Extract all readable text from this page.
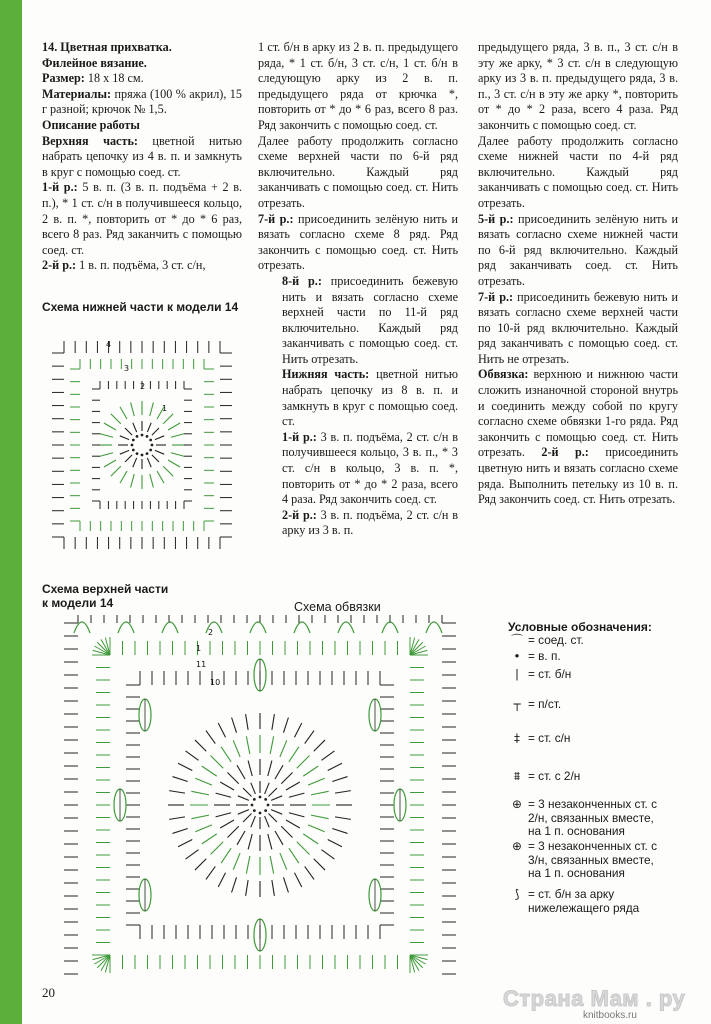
14. Цветная прихватка.

Филейное вязание.

Размер: 18 х 18 см.

Материалы: пряжа (100 % акрил), 15 г разной; крючок № 1,5.

Описание работы

Верхняя часть: цветной нитью набрать цепочку из 4 в. п. и замкнуть в круг с помощью соед. ст.

1-й р.: 5 в. п. (3 в. п. подъёма + 2 в. п.), * 1 ст. с/н в получившееся кольцо, 2 в. п. *, повторить от * до * 6 раз, всего 8 раз. Ряд заканчить с помощью соед. ст.

2-й р.: 1 в. п. подъёма, 3 ст. с/н,

1 ст. б/н в арку из 2 в. п. предыдущего ряда, * 1 ст. б/н, 3 ст. с/н, 1 ст. б/н в следующую арку из 2 в. п. предыдущего ряда от крючка *, повторить от * до * 6 раз, всего 8 раз. Ряд закончить с помощью соед. ст.

Далее работу продолжить согласно схеме верхней части по 6-й ряд включительно. Каждый ряд заканчивать с помощью соед. ст. Нить отрезать.

7-й р.: присоединить зелёную нить и вязать согласно схеме 8 ряд. Ряд закончить с помощью соед. ст. Нить отрезать.

8-й р.: присоединить бежевую нить и вязать согласно схеме верхней части по 11-й ряд включительно. Каждый ряд заканчивать с помощью соед. ст. Нить отрезать.

Нижняя часть: цветной нитью набрать цепочку из 8 в. п. и замкнуть в круг с помощью соед. ст.

1-й р.: 3 в. п. подъёма, 2 ст. с/н в получившееся кольцо, 3 в. п., * 3 ст. с/н в кольцо, 3 в. п. *, повторить от * до * 2 раза, всего 4 раза. Ряд закончить соед. ст.

2-й р.: 3 в. п. подъёма, 2 ст. с/н в арку из 3 в. п.

предыдущего ряда, 3 в. п., 3 ст. с/н в эту же арку, * 3 ст. с/н в следующую арку из 3 в. п. предыдущего ряда, 3 в. п., 3 ст. с/н в эту же арку *, повторить от * до * 2 раза, всего 4 раза. Ряд закончить с помощью соед. ст.

Далее работу продолжить согласно схеме нижней части по 4-й ряд включительно. Каждый ряд заканчивать с помощью соед. ст. Нить отрезать.

5-й р.: присоединить зелёную нить и вязать согласно схеме нижней части по 6-й ряд включительно. Каждый ряд заканчивать соед. ст. Нить отрезать.

7-й р.: присоединить бежевую нить и вязать согласно схеме верхней части по 10-й ряд включительно. Каждый ряд заканчивать с помощью соед. ст. Нить не отрезать.

Обвязка: верхнюю и нижнюю части сложить изнаночной стороной внутрь и соединить между собой по кругу согласно схеме обвязки 1-го ряда. Ряд закончить с помощью соед. ст. Нить отрезать. 2-й р.: присоединить цветную нить и вязать согласно схеме ряда. Выполнить петельку из 10 в. п. Ряд закончить соед. ст. Нить отрезать.

Схема нижней части к модели 14
Схема верхней части
к модели 14	Схема обвязки
4
3
2
1
2
1
11
10
Условные обозначения:
⌒ = соед. ст.
• = в. п.
| = ст. б/н
┬ = п/ст.
‡ = ст. с/н
⩩ = ст. с 2/н
⊕ = 3 незаконченных ст. с 2/н, связанных вместе, на 1 п. основания
⊕ = 3 незаконченных ст. с 3/н, связанных вместе, на 1 п. основания
⟆ = ст. б/н за арку нижележащего ряда
20	Страна Мам . ру
knitbooks.ru
